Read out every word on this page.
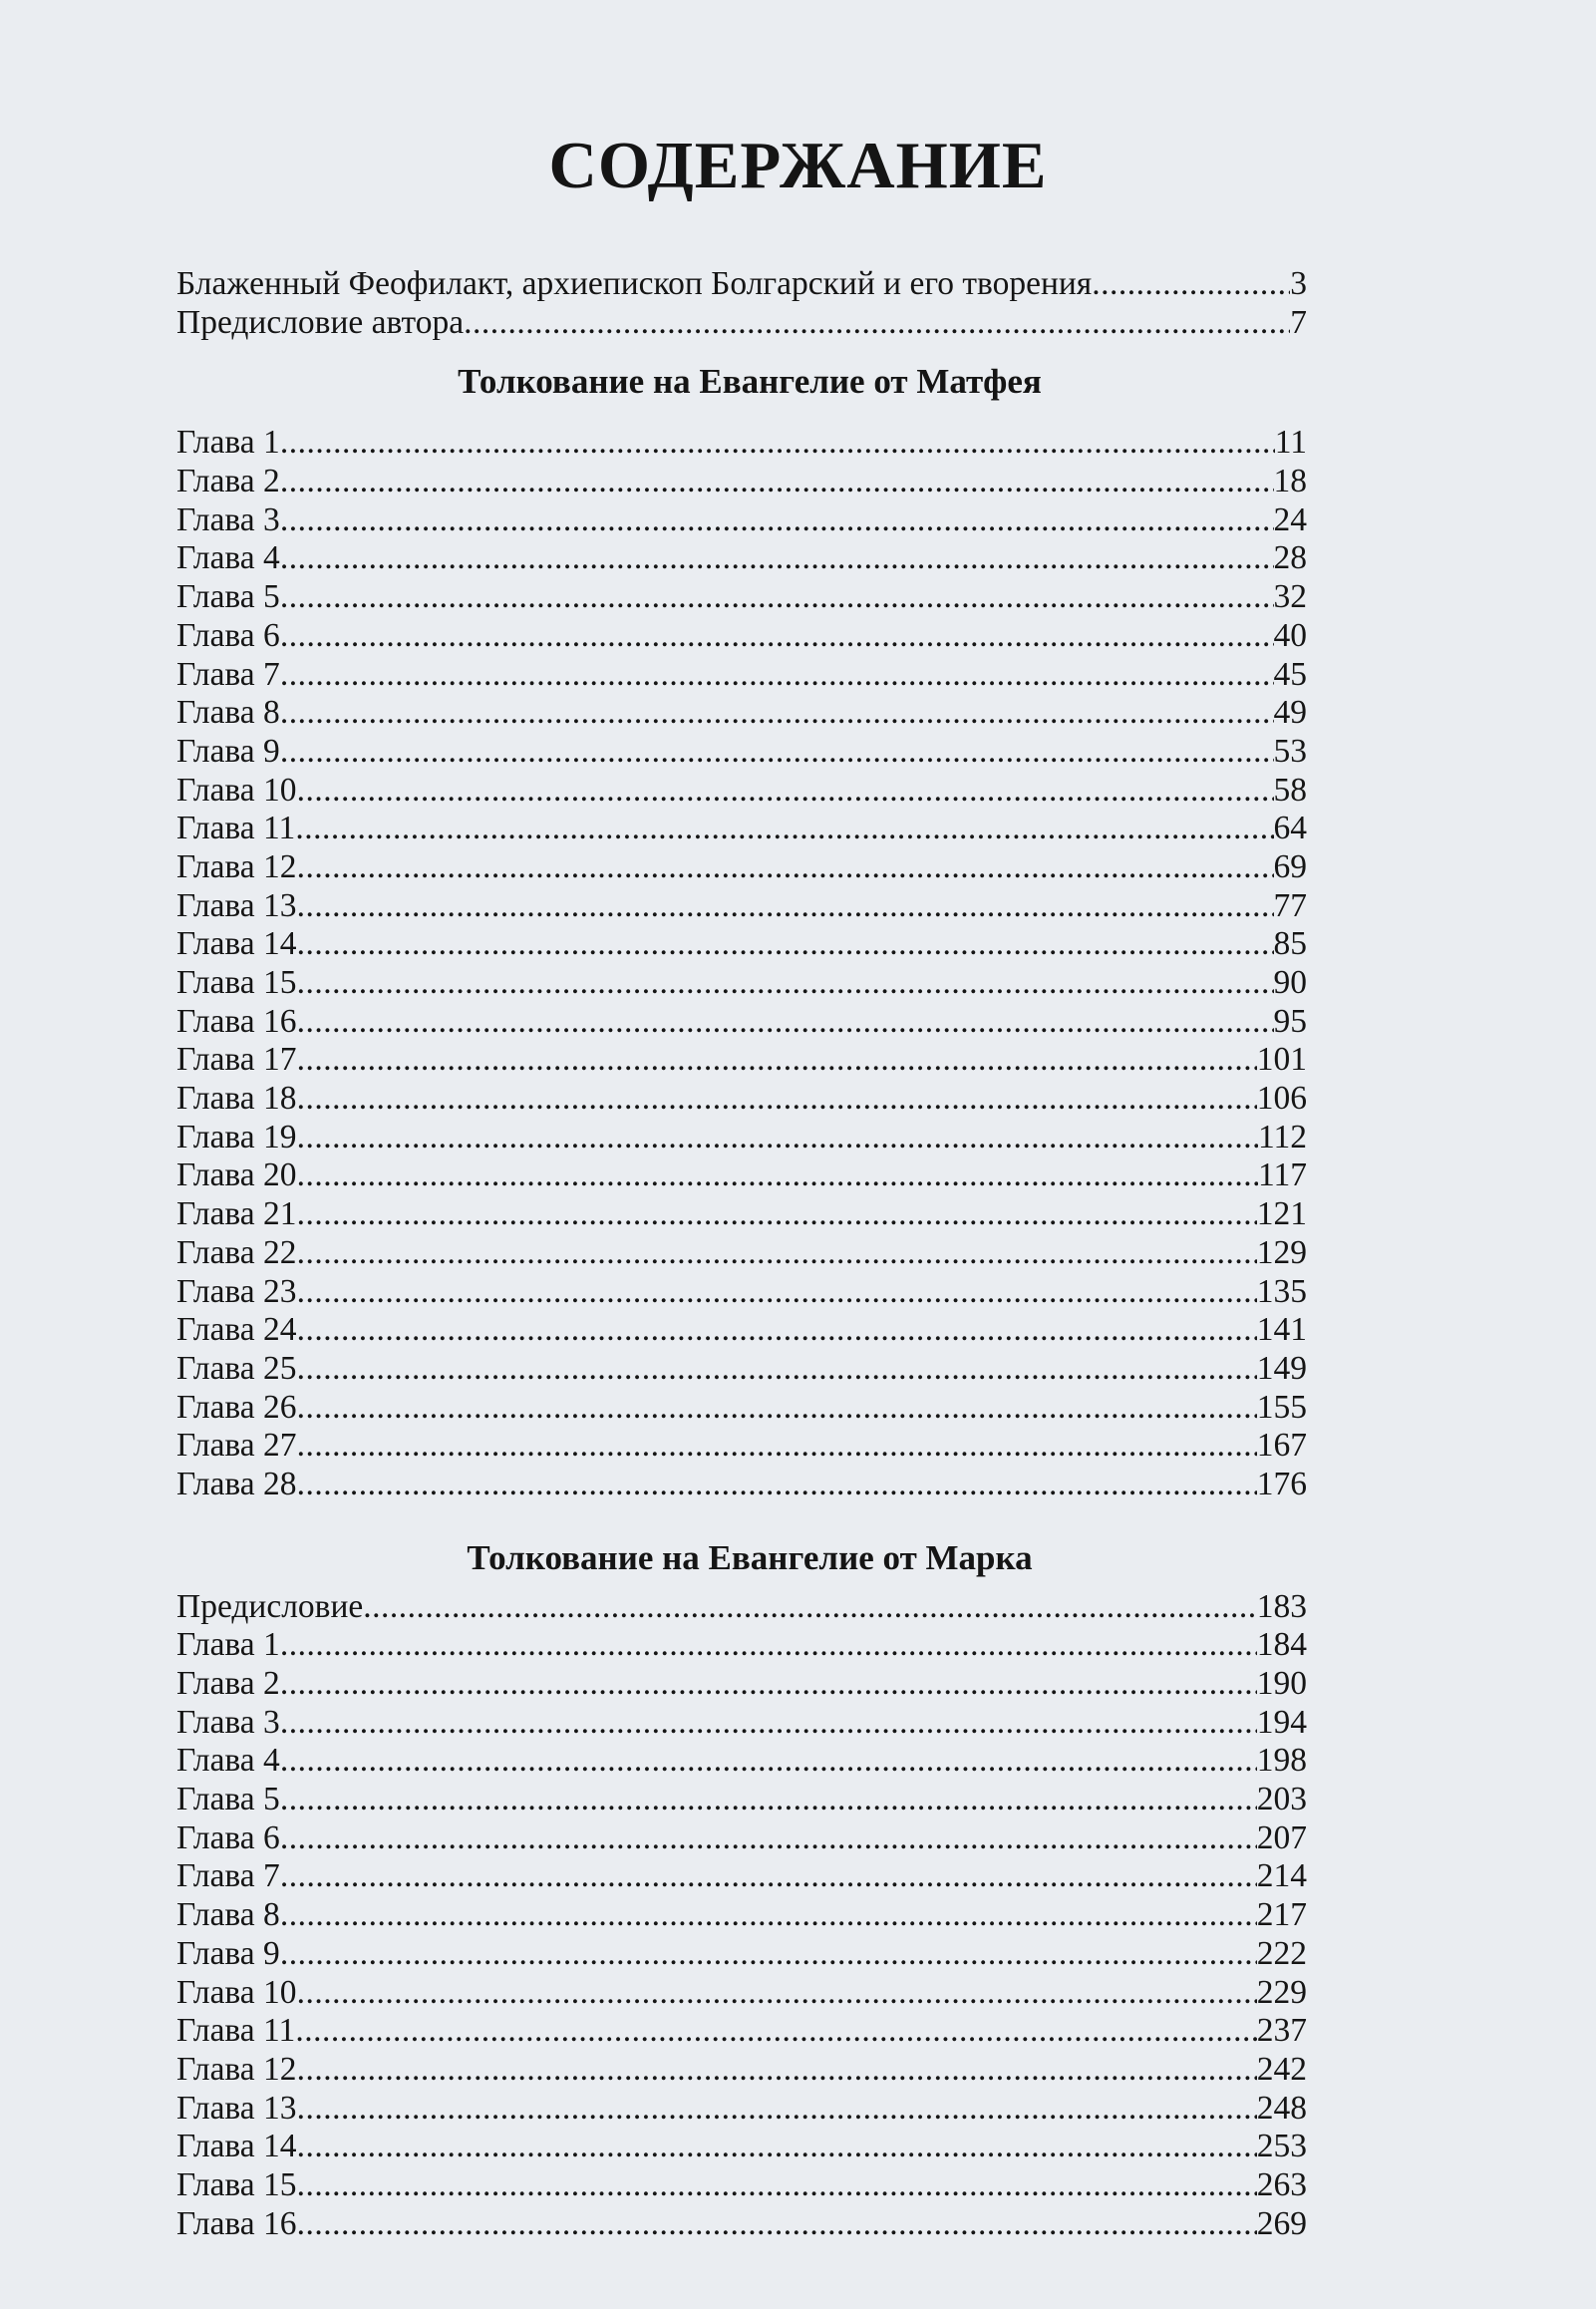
СОДЕРЖАНИЕ
Блаженный Феофилакт, архиепископ Болгарский и его творения .....	3
Предисловие автора .....	7
Толкование на Евангелие от Матфея
Глава 1 .....	11
Глава 2 .....	18
Глава 3 .....	24
Глава 4 .....	28
Глава 5 .....	32
Глава 6 .....	40
Глава 7 .....	45
Глава 8 .....	49
Глава 9 .....	53
Глава 10 .....	58
Глава 11 .....	64
Глава 12 .....	69
Глава 13 .....	77
Глава 14 .....	85
Глава 15 .....	90
Глава 16 .....	95
Глава 17 .....	101
Глава 18 .....	106
Глава 19 .....	112
Глава 20 .....	117
Глава 21 .....	121
Глава 22 .....	129
Глава 23 .....	135
Глава 24 .....	141
Глава 25 .....	149
Глава 26 .....	155
Глава 27 .....	167
Глава 28 .....	176
Толкование на Евангелие от Марка
Предисловие .....	183
Глава 1 .....	184
Глава 2 .....	190
Глава 3 .....	194
Глава 4 .....	198
Глава 5 .....	203
Глава 6 .....	207
Глава 7 .....	214
Глава 8 .....	217
Глава 9 .....	222
Глава 10 .....	229
Глава 11 .....	237
Глава 12 .....	242
Глава 13 .....	248
Глава 14 .....	253
Глава 15 .....	263
Глава 16 .....	269
